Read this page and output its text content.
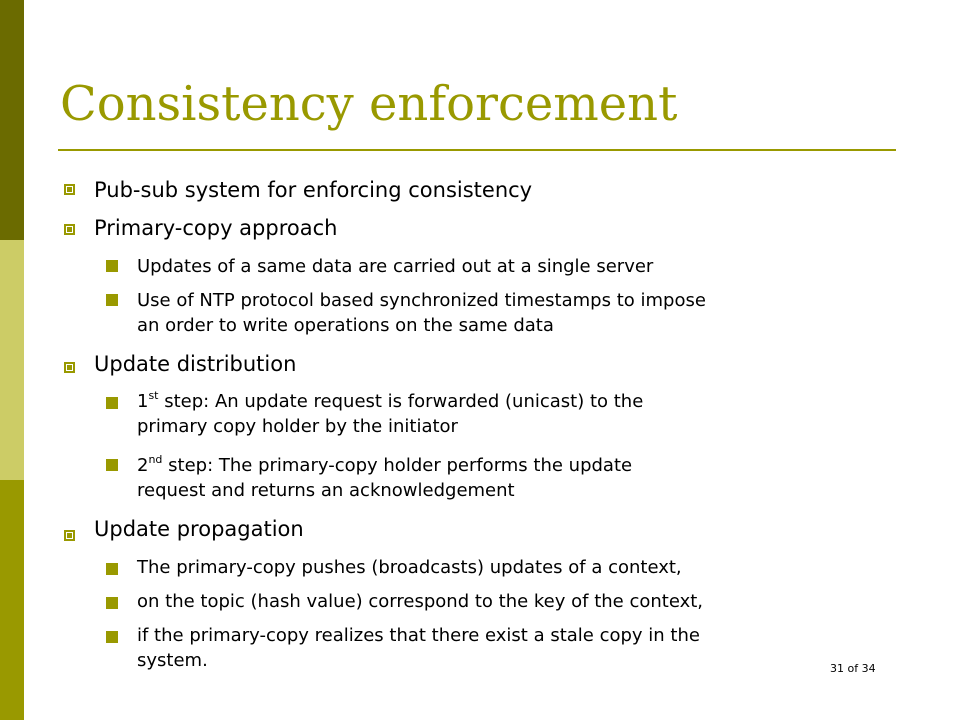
Consistency enforcement
Pub-sub system for enforcing consistency
Primary-copy approach
Updates of a same data are carried out at a single server
Use of NTP protocol based synchronized timestamps to impose
an order to write operations on the same data
Update distribution
1st step: An update request is forwarded (unicast) to the
primary copy holder by the initiator
2nd step: The primary-copy holder performs the update
request and returns an acknowledgement
Update propagation
The primary-copy pushes (broadcasts) updates of a context,
on the topic (hash value) correspond to the key of the context,
if the primary-copy realizes that there exist a stale copy in the
system.	31 of 34
